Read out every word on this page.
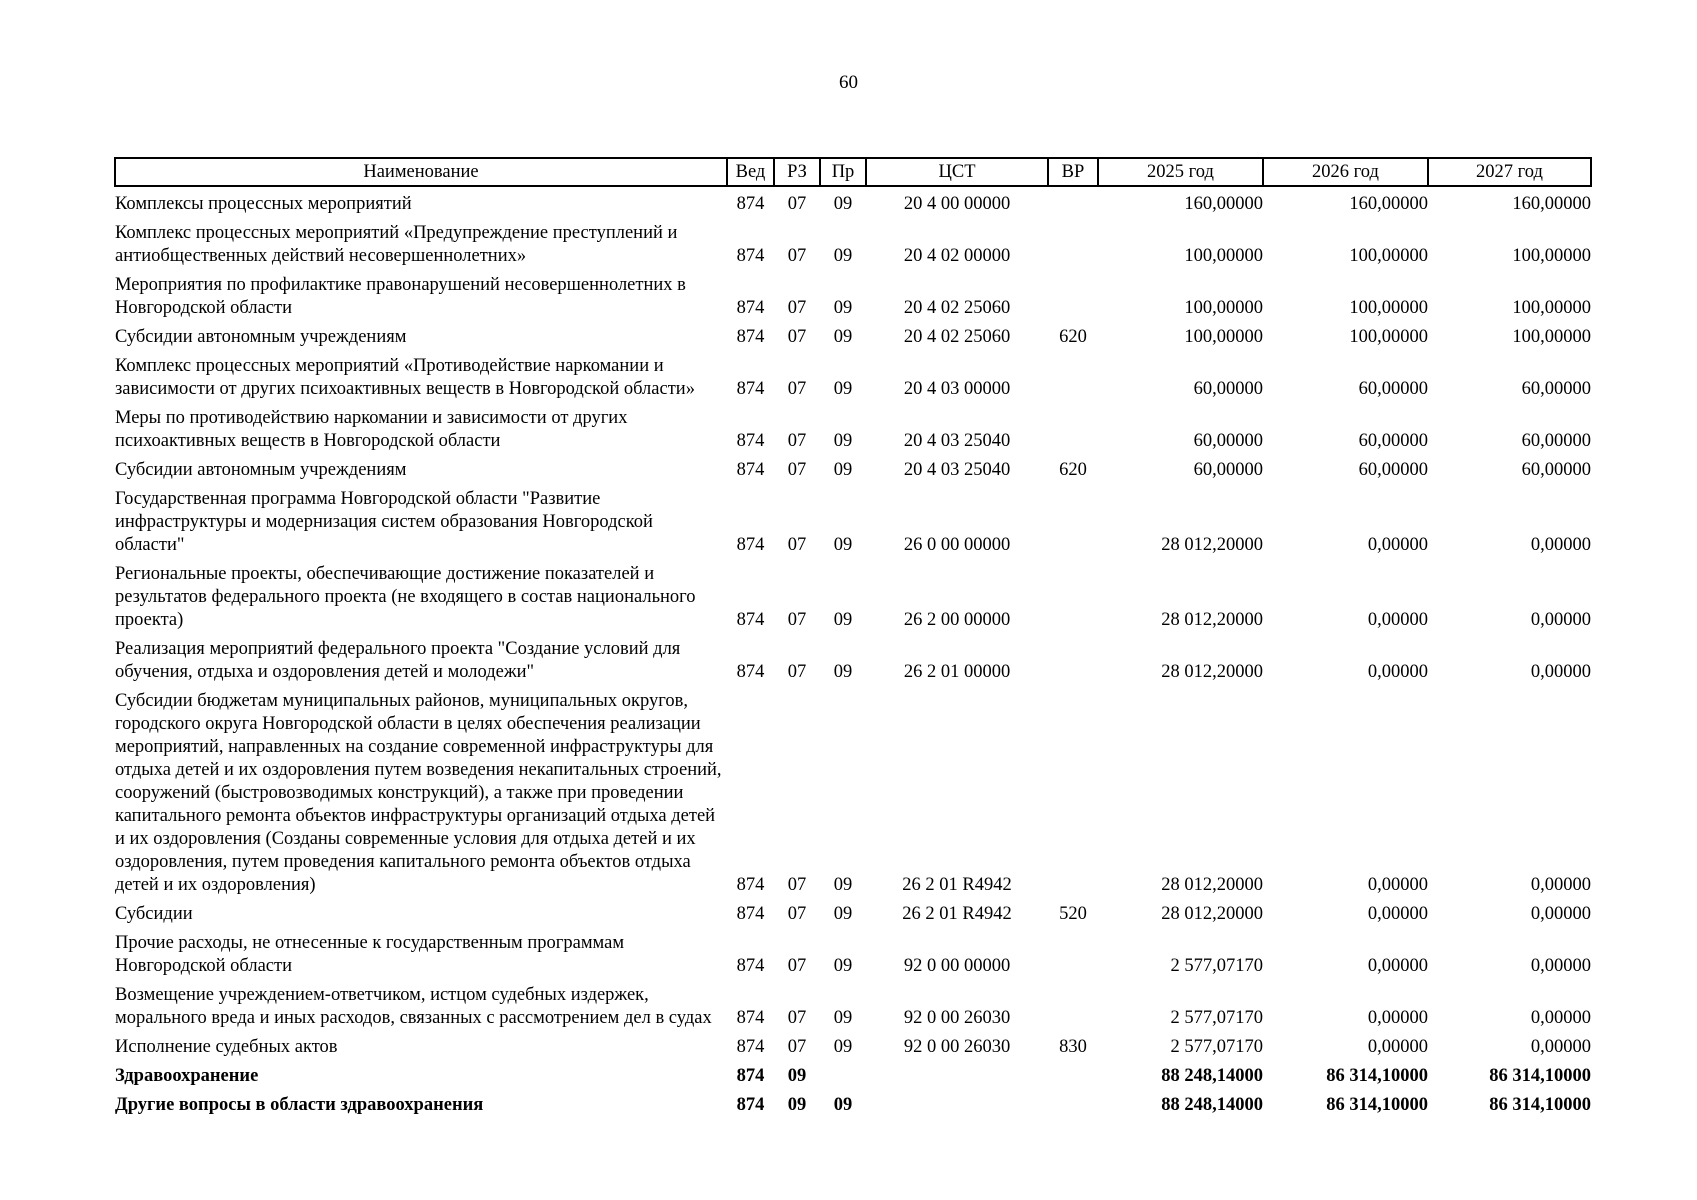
60
Наименование	Вед	РЗ	Пр	ЦСТ	ВР	2025 год	2026 год	2027 год
Комплексы процессных мероприятий	874	07	09	20 4 00 00000		160,00000	160,00000	160,00000
Комплекс процессных мероприятий «Предупреждение преступлений и антиобщественных действий несовершеннолетних»	874	07	09	20 4 02 00000		100,00000	100,00000	100,00000
Мероприятия по профилактике правонарушений несовершеннолетних в Новгородской области	874	07	09	20 4 02 25060		100,00000	100,00000	100,00000
Субсидии автономным учреждениям	874	07	09	20 4 02 25060	620	100,00000	100,00000	100,00000
Комплекс процессных мероприятий «Противодействие наркомании и зависимости от других психоактивных веществ в Новгородской области»	874	07	09	20 4 03 00000		60,00000	60,00000	60,00000
Меры по противодействию наркомании и зависимости от других психоактивных веществ в Новгородской области	874	07	09	20 4 03 25040		60,00000	60,00000	60,00000
Субсидии автономным учреждениям	874	07	09	20 4 03 25040	620	60,00000	60,00000	60,00000
Государственная программа Новгородской области "Развитие инфраструктуры и модернизация систем образования Новгородской области"	874	07	09	26 0 00 00000		28 012,20000	0,00000	0,00000
Региональные проекты, обеспечивающие достижение показателей и результатов федерального проекта (не входящего в состав национального проекта)	874	07	09	26 2 00 00000		28 012,20000	0,00000	0,00000
Реализация мероприятий федерального проекта "Создание условий для обучения, отдыха и оздоровления детей и молодежи"	874	07	09	26 2 01 00000		28 012,20000	0,00000	0,00000
Субсидии бюджетам муниципальных районов, муниципальных округов, городского округа Новгородской области в целях обеспечения реализации мероприятий, направленных на создание современной инфраструктуры для отдыха детей и их оздоровления путем возведения некапитальных строений, сооружений (быстровозводимых конструкций), а также при проведении капитального ремонта объектов инфраструктуры организаций отдыха детей и их оздоровления (Созданы современные условия для отдыха детей и их оздоровления, путем проведения капитального ремонта объектов отдыха детей и их оздоровления)	874	07	09	26 2 01 R4942		28 012,20000	0,00000	0,00000
Субсидии	874	07	09	26 2 01 R4942	520	28 012,20000	0,00000	0,00000
Прочие расходы, не отнесенные к государственным программам Новгородской области	874	07	09	92 0 00 00000		2 577,07170	0,00000	0,00000
Возмещение учреждением-ответчиком, истцом судебных издержек, морального вреда и иных расходов, связанных с рассмотрением дел в судах	874	07	09	92 0 00 26030		2 577,07170	0,00000	0,00000
Исполнение судебных актов	874	07	09	92 0 00 26030	830	2 577,07170	0,00000	0,00000
Здравоохранение	874	09				88 248,14000	86 314,10000	86 314,10000
Другие вопросы в области здравоохранения	874	09	09			88 248,14000	86 314,10000	86 314,10000
